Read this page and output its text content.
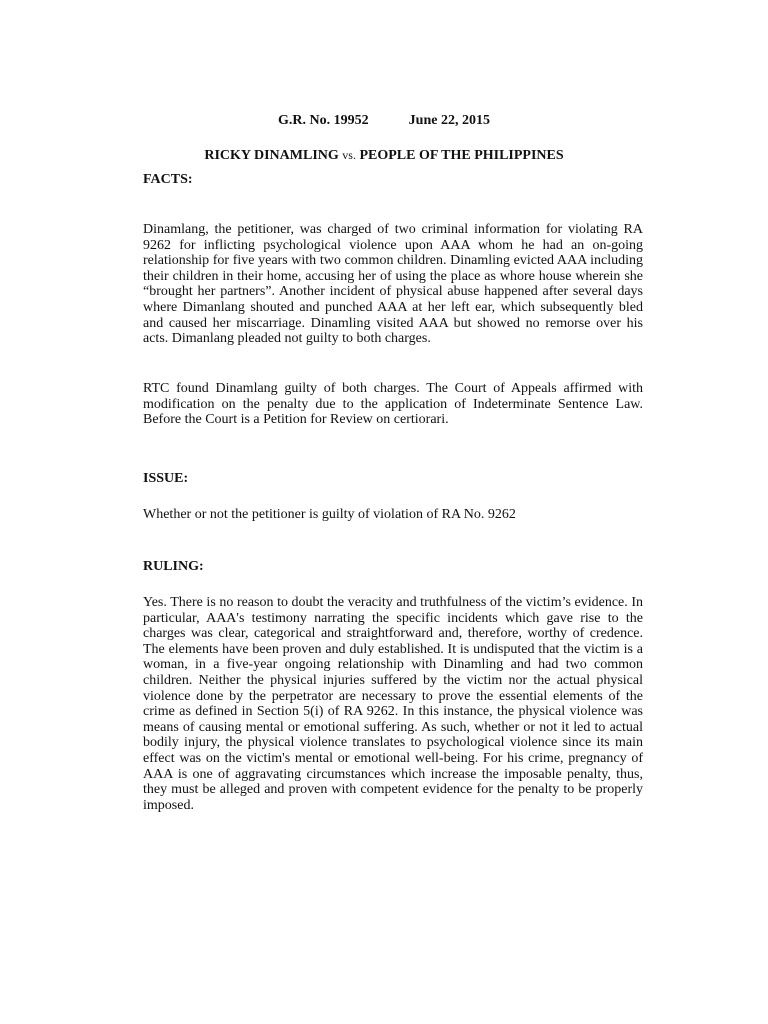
G.R. No. 19952	June 22, 2015
RICKY DINAMLING vs. PEOPLE OF THE PHILIPPINES
FACTS:

Dinamlang, the petitioner, was charged of two criminal information for violating RA 9262 for inflicting psychological violence upon AAA whom he had an on-going relationship for five years with two common children. Dinamling evicted AAA including their children in their home, accusing her of using the place as whore house wherein she “brought her partners”. Another incident of physical abuse happened after several days where Dimanlang shouted and punched AAA at her left ear, which subsequently bled and caused her miscarriage. Dinamling visited AAA but showed no remorse over his acts. Dimanlang pleaded not guilty to both charges.

RTC found Dinamlang guilty of both charges. The Court of Appeals affirmed with modification on the penalty due to the application of Indeterminate Sentence Law. Before the Court is a Petition for Review on certiorari.

ISSUE:

Whether or not the petitioner is guilty of violation of RA No. 9262

RULING:

Yes. There is no reason to doubt the veracity and truthfulness of the victim’s evidence. In particular, AAA's testimony narrating the specific incidents which gave rise to the charges was clear, categorical and straightforward and, therefore, worthy of credence. The elements have been proven and duly established. It is undisputed that the victim is a woman, in a five-year ongoing relationship with Dinamling and had two common children. Neither the physical injuries suffered by the victim nor the actual physical violence done by the perpetrator are necessary to prove the essential elements of the crime as defined in Section 5(i) of RA 9262. In this instance, the physical violence was means of causing mental or emotional suffering. As such, whether or not it led to actual bodily injury, the physical violence translates to psychological violence since its main effect was on the victim's mental or emotional well-being. For his crime, pregnancy of AAA is one of aggravating circumstances which increase the imposable penalty, thus, they must be alleged and proven with competent evidence for the penalty to be properly imposed.
